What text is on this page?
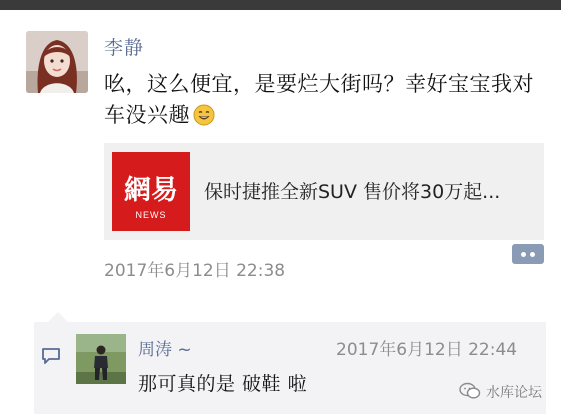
李静
吆，这么便宜，是要烂大街吗？幸好宝宝我对车没兴趣
網易
NEWS
保时捷推全新SUV 售价将30万起...
2017年6月12日 22:38
周涛 ~	2017年6月12日 22:44
那可真的是 破鞋 啦	水库论坛
